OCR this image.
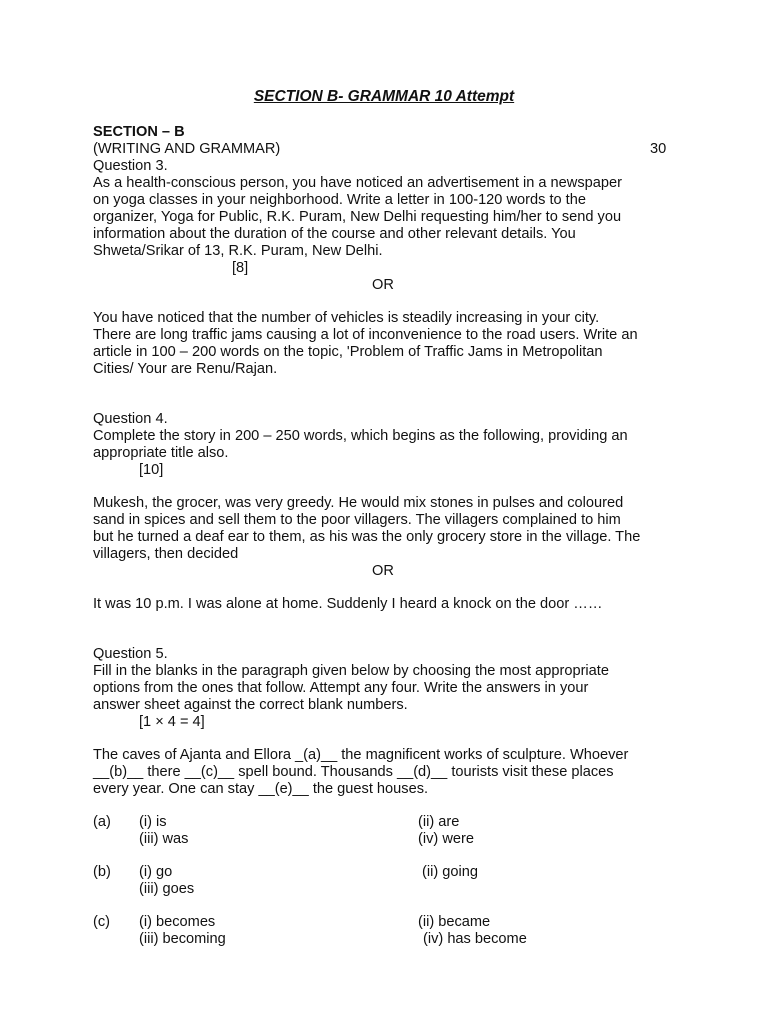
SECTION B- GRAMMAR 10 Attempt
SECTION – B
(WRITING AND GRAMMAR)	30
Question 3.
As a health-conscious person, you have noticed an advertisement in a newspaper
on yoga classes in your neighborhood. Write a letter in 100-120 words to the
organizer, Yoga for Public, R.K. Puram, New Delhi requesting him/her to send you
information about the duration of the course and other relevant details. You
Shweta/Srikar of 13, R.K. Puram, New Delhi.
[8]
OR
You have noticed that the number of vehicles is steadily increasing in your city.
There are long traffic jams causing a lot of inconvenience to the road users. Write an
article in 100 – 200 words on the topic, 'Problem of Traffic Jams in Metropolitan
Cities/ Your are Renu/Rajan.
Question 4.
Complete the story in 200 – 250 words, which begins as the following, providing an
appropriate title also.
[10]
Mukesh, the grocer, was very greedy. He would mix stones in pulses and coloured
sand in spices and sell them to the poor villagers. The villagers complained to him
but he turned a deaf ear to them, as his was the only grocery store in the village. The
villagers, then decided
OR
It was 10 p.m. I was alone at home. Suddenly I heard a knock on the door ……
Question 5.
Fill in the blanks in the paragraph given below by choosing the most appropriate
options from the ones that follow. Attempt any four. Write the answers in your
answer sheet against the correct blank numbers.
[1 × 4 = 4]
The caves of Ajanta and Ellora _(a)__ the magnificent works of sculpture. Whoever
__(b)__ there __(c)__ spell bound. Thousands __(d)__ tourists visit these places
every year. One can stay __(e)__ the guest houses.
(a) (i) is	(ii) are
(iii) was	(iv) were
(b) (i) go	(ii) going
(iii) goes
(c) (i) becomes	(ii) became
(iii) becoming	(iv) has become
